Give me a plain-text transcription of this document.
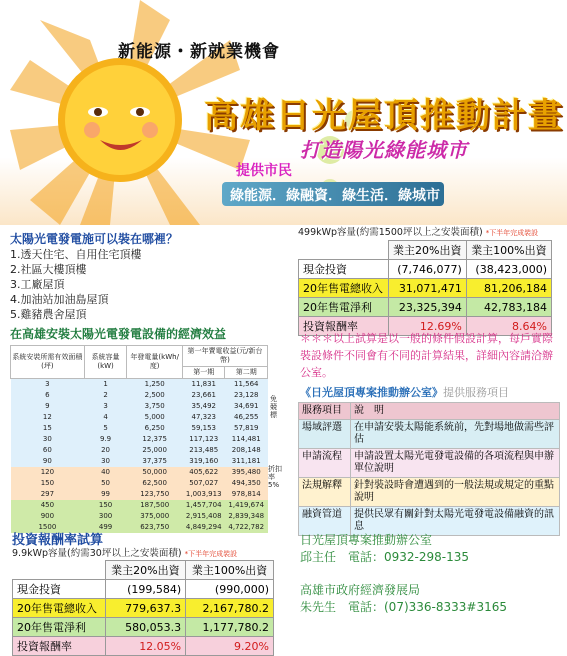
新能源・新就業機會
高雄日光屋頂推動計畫
打造陽光綠能城市
提供市民
綠能源．綠融資．綠生活．綠城市
太陽光電發電施可以裝在哪裡？
1.透天住宅、自用住宅頂樓
2.社區大樓頂樓
3.工廠屋頂
4.加油站加油島屋頂
5.雞豬農舍屋頂
在高雄安裝太陽光電發電設備的經濟效益
系統安裝所需有效面積(坪)	系統容量(kW)	年發電量(kWh/度)	第一年賣電收益(元/新台幣)	
			第一期	第二期
3	1	1,250	11,831	11,564
6	2	2,500	23,661	23,128
9	3	3,750	35,492	34,691
12	4	5,000	47,323	46,255
15	5	6,250	59,153	57,819
30	9.9	12,375	117,123	114,481
60	20	25,000	213,485	208,148
90	30	37,375	319,160	311,181
120	40	50,000	405,622	395,480
150	50	62,500	507,027	494,350
297	99	123,750	1,003,913	978,814
450	150	187,500	1,457,704	1,419,674
900	300	375,000	2,915,408	2,839,348
1500	499	623,750	4,849,294	4,722,782
免競標
折扣率5%
投資報酬率試算
9.9kWp容量(約需30坪以上之安裝面積) *下半年完成裝設
	業主20%出資	業主100%出資
現金投資	(199,584)	(990,000)
20年售電總收入	779,637.3	2,167,780.2
20年售電淨利	580,053.3	1,177,780.2
投資報酬率	12.05%	9.20%
499kWp容量(約需1500坪以上之安裝面積) *下半年完成裝設
	業主20%出資	業主100%出資
現金投資	(7,746,077)	(38,423,000)
20年售電總收入	31,071,471	81,206,184
20年售電淨利	23,325,394	42,783,184
投資報酬率	12.69%	8.64%
＊＊＊以上試算是以一般的條件假設計算，每戶實際裝設條件不同會有不同的計算結果，詳細內容請洽辦公室。
《日光屋頂專案推動辦公室》提供服務項目
服務項目	說　明
場域評選	在申請安裝太陽能系統前，先對場地做需些評估
申請流程	申請設置太陽光電發電設備的各項流程與申辦單位說明
法規解釋	針對裝設時會遭遇到的一般法規或規定的重點說明
融資管道	提供民眾有關針對太陽光電發電設備融資的訊息
日光屋頂專案推動辦公室
邱主任　電話：0932-298-135
高雄市政府經濟發展局
朱先生　電話：(07)336-8333#3165
